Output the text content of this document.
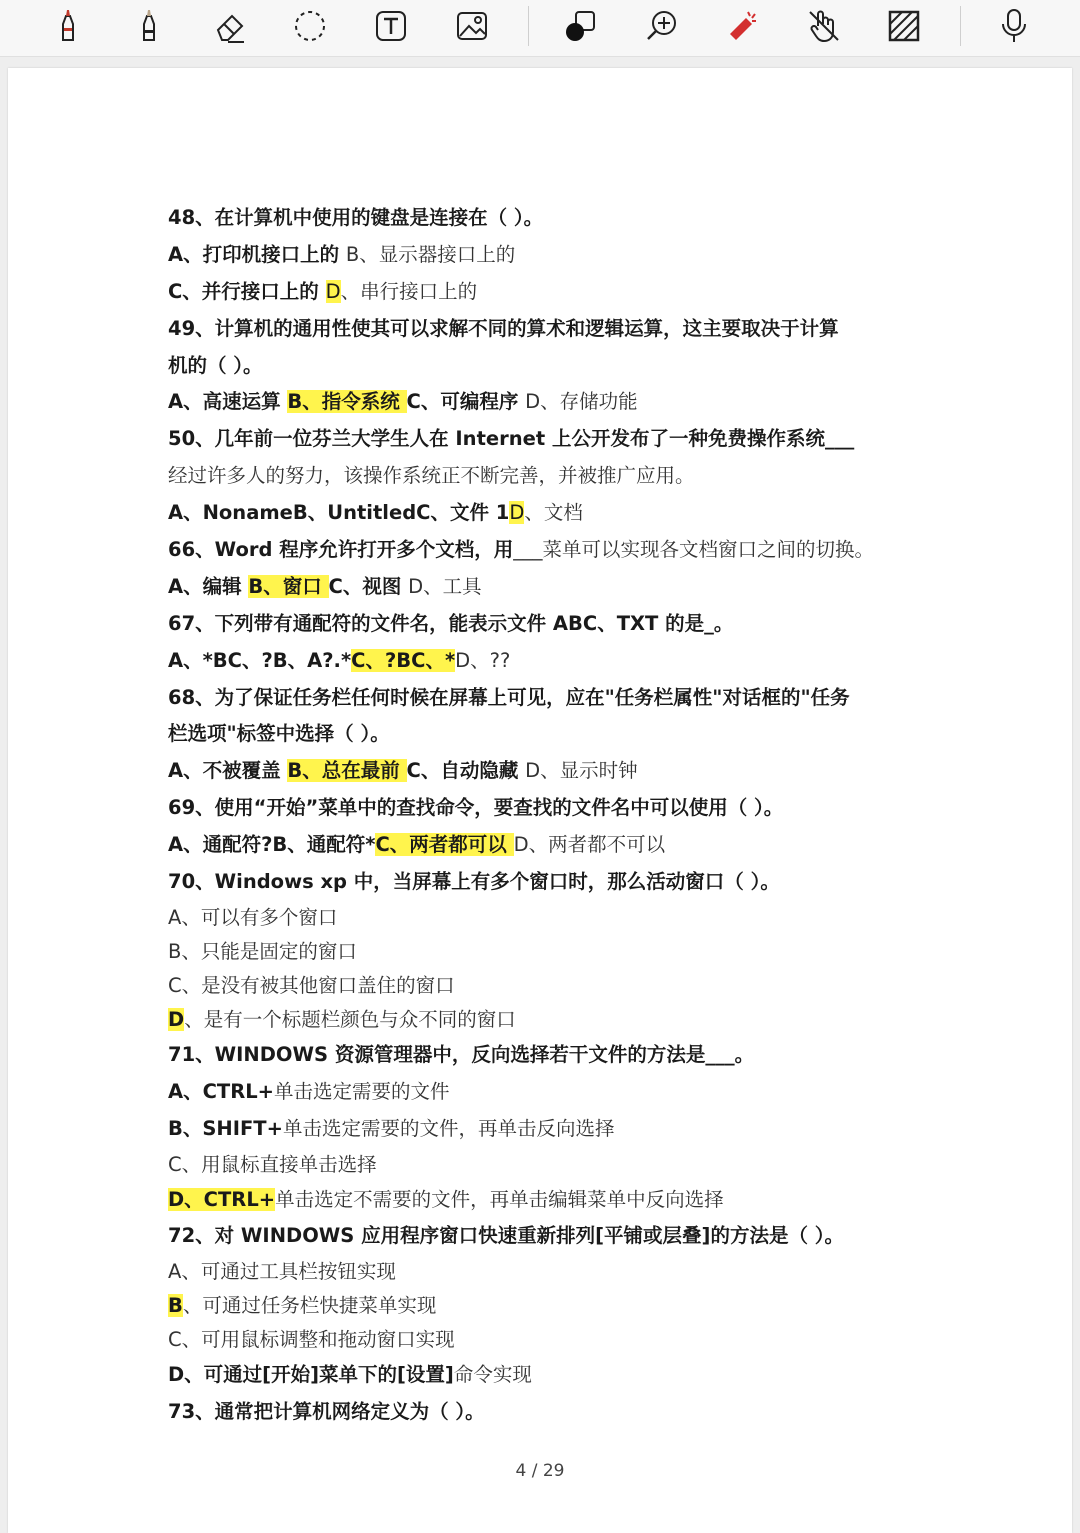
48、在计算机中使用的键盘是连接在（ ）。
A、打印机接口上的 B、显示器接口上的
C、并行接口上的 D、串行接口上的
49、计算机的通用性使其可以求解不同的算术和逻辑运算，这主要取决于计算
机的（ ）。
A、高速运算 B、指令系统 C、可编程序 D、存储功能
50、几年前一位芬兰大学生人在 Internet 上公开发布了一种免费操作系统___
经过许多人的努力，该操作系统正不断完善，并被推广应用。
A、NonameB、UntitledC、文件 1D、文档
66、Word 程序允许打开多个文档，用___菜单可以实现各文档窗口之间的切换。
A、编辑 B、窗口 C、视图 D、工具
67、下列带有通配符的文件名，能表示文件 ABC、TXT 的是_。
A、*BC、?B、A?.*C、?BC、*D、??
68、为了保证任务栏任何时候在屏幕上可见，应在"任务栏属性"对话框的"任务
栏选项"标签中选择（ ）。
A、不被覆盖 B、总在最前 C、自动隐藏 D、显示时钟
69、使用“开始”菜单中的查找命令，要查找的文件名中可以使用（ ）。
A、通配符?B、通配符*C、两者都可以 D、两者都不可以
70、Windows xp 中，当屏幕上有多个窗口时，那么活动窗口（ ）。
A、可以有多个窗口
B、只能是固定的窗口
C、是没有被其他窗口盖住的窗口
D、是有一个标题栏颜色与众不同的窗口
71、WINDOWS 资源管理器中，反向选择若干文件的方法是___。
A、CTRL+单击选定需要的文件
B、SHIFT+单击选定需要的文件，再单击反向选择
C、用鼠标直接单击选择
D、CTRL+单击选定不需要的文件，再单击编辑菜单中反向选择
72、对 WINDOWS 应用程序窗口快速重新排列[平铺或层叠]的方法是（ ）。
A、可通过工具栏按钮实现
B、可通过任务栏快捷菜单实现
C、可用鼠标调整和拖动窗口实现
D、可通过[开始]菜单下的[设置]命令实现
73、通常把计算机网络定义为（ ）。
4 / 29
